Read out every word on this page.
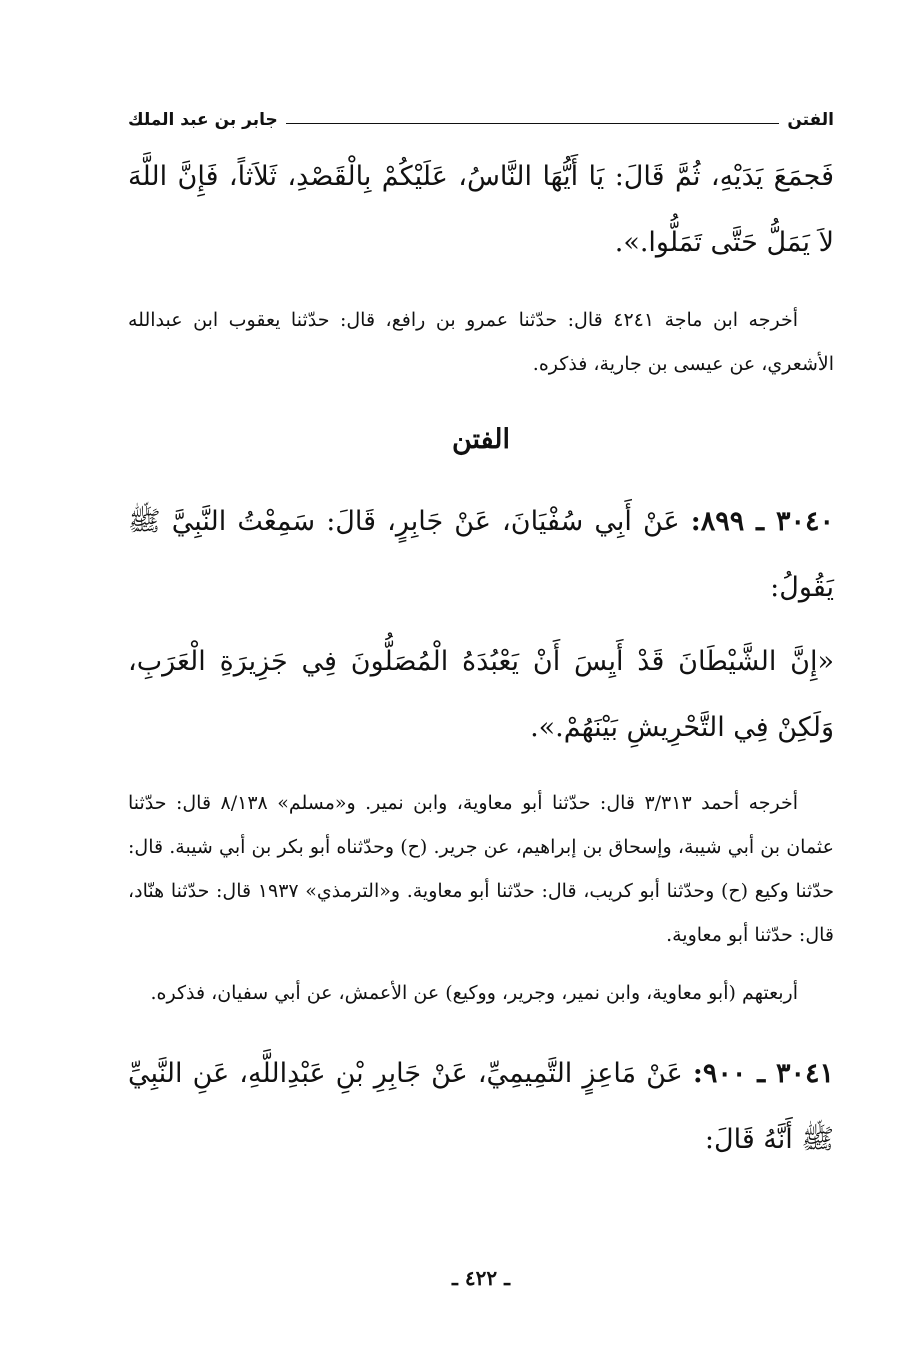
الفتن
جابر بن عبد الملك

فَجمَعَ يَدَيْهِ، ثُمَّ قَالَ: يَا أَيُّهَا النَّاسُ، عَلَيْكُمْ بِالْقَصْدِ، ثَلاَثاً، فَإِنَّ اللَّهَ لاَ يَمَلُّ حَتَّى تَمَلُّوا.».

أخرجه ابن ماجة ٤٢٤١ قال: حدّثنا عمرو بن رافع، قال: حدّثنا يعقوب ابن عبدالله الأشعري، عن عيسى بن جارية، فذكره.

الفتن

٣٠٤٠ ـ ٨٩٩: عَنْ أَبِي سُفْيَانَ، عَنْ جَابِرٍ، قَالَ: سَمِعْتُ النَّبِيَّ ﷺ يَقُولُ:

«إِنَّ الشَّيْطَانَ قَدْ أَيِسَ أَنْ يَعْبُدَهُ الْمُصَلُّونَ فِي جَزِيرَةِ الْعَرَبِ، وَلَكِنْ فِي التَّحْرِيشِ بَيْنَهُمْ.».

أخرجه أحمد ٣/٣١٣ قال: حدّثنا أبو معاوية، وابن نمير. و«مسلم» ٨/١٣٨ قال: حدّثنا عثمان بن أبي شيبة، وإسحاق بن إبراهيم، عن جرير. (ح) وحدّثناه أبو بكر بن أبي شيبة. قال: حدّثنا وكيع (ح) وحدّثنا أبو كريب، قال: حدّثنا أبو معاوية. و«الترمذي» ١٩٣٧ قال: حدّثنا هنّاد، قال: حدّثنا أبو معاوية.

أربعتهم (أبو معاوية، وابن نمير، وجرير، ووكيع) عن الأعمش، عن أبي سفيان، فذكره.

٣٠٤١ ـ ٩٠٠: عَنْ مَاعِزٍ التَّمِيمِيِّ، عَنْ جَابِرِ بْنِ عَبْدِاللَّهِ، عَنِ النَّبِيِّ ﷺ أَنَّهُ قَالَ:

ـ ٤٢٢ ـ
